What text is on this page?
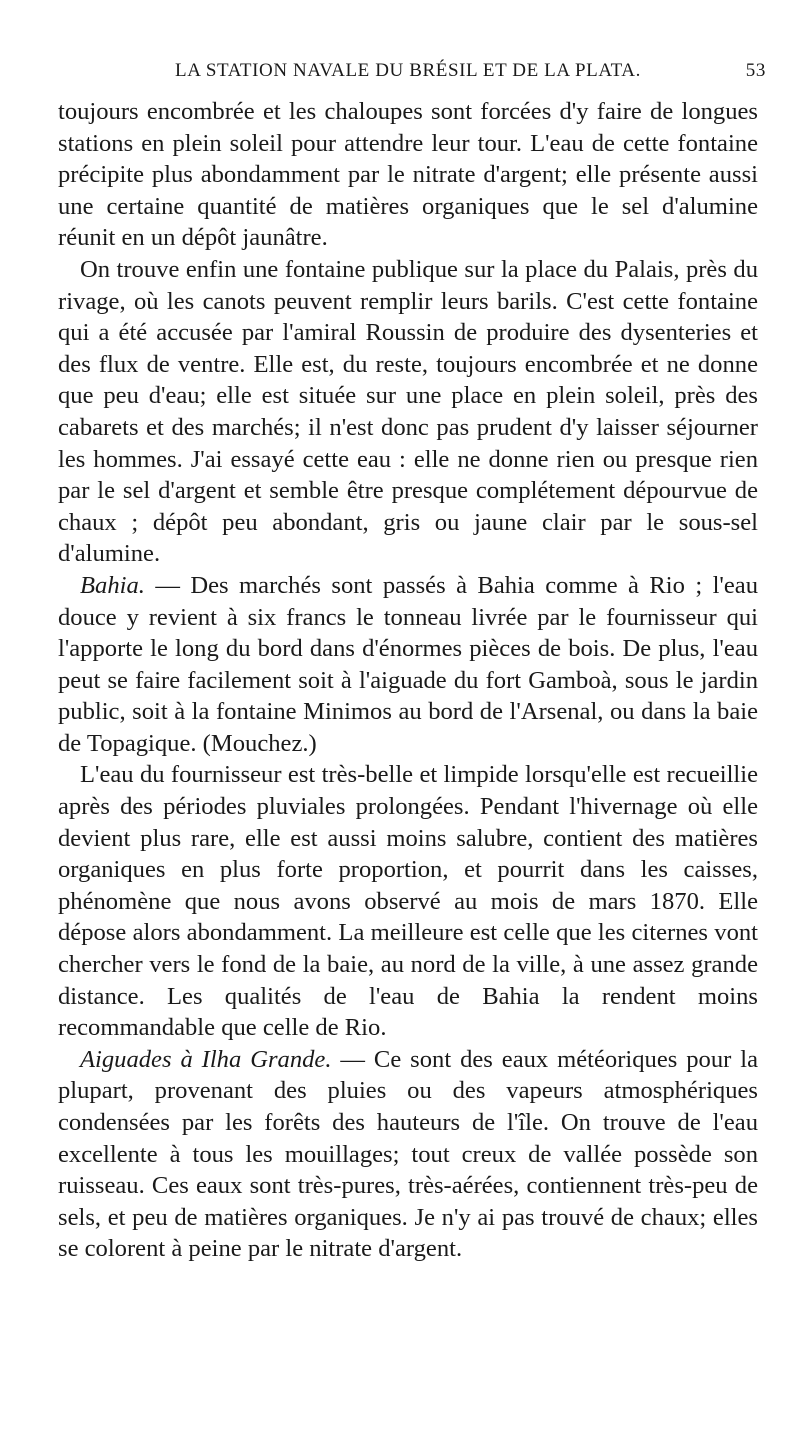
LA STATION NAVALE DU BRÉSIL ET DE LA PLATA.	53

toujours encombrée et les chaloupes sont forcées d'y faire de longues stations en plein soleil pour attendre leur tour. L'eau de cette fontaine précipite plus abondamment par le nitrate d'argent; elle présente aussi une certaine quantité de matières organiques que le sel d'alumine réunit en un dépôt jaunâtre.

On trouve enfin une fontaine publique sur la place du Palais, près du rivage, où les canots peuvent remplir leurs barils. C'est cette fontaine qui a été accusée par l'amiral Roussin de produire des dysenteries et des flux de ventre. Elle est, du reste, toujours encombrée et ne donne que peu d'eau; elle est située sur une place en plein soleil, près des cabarets et des marchés; il n'est donc pas prudent d'y laisser séjourner les hommes. J'ai essayé cette eau : elle ne donne rien ou presque rien par le sel d'argent et semble être presque complétement dépourvue de chaux ; dépôt peu abondant, gris ou jaune clair par le sous-sel d'alumine.

Bahia. — Des marchés sont passés à Bahia comme à Rio ; l'eau douce y revient à six francs le tonneau livrée par le fournisseur qui l'apporte le long du bord dans d'énormes pièces de bois. De plus, l'eau peut se faire facilement soit à l'aiguade du fort Gamboà, sous le jardin public, soit à la fontaine Minimos au bord de l'Arsenal, ou dans la baie de Topagique. (Mouchez.)

L'eau du fournisseur est très-belle et limpide lorsqu'elle est recueillie après des périodes pluviales prolongées. Pendant l'hivernage où elle devient plus rare, elle est aussi moins salubre, contient des matières organiques en plus forte proportion, et pourrit dans les caisses, phénomène que nous avons observé au mois de mars 1870. Elle dépose alors abondamment. La meilleure est celle que les citernes vont chercher vers le fond de la baie, au nord de la ville, à une assez grande distance. Les qualités de l'eau de Bahia la rendent moins recommandable que celle de Rio.

Aiguades à Ilha Grande. — Ce sont des eaux météoriques pour la plupart, provenant des pluies ou des vapeurs atmosphériques condensées par les forêts des hauteurs de l'île. On trouve de l'eau excellente à tous les mouillages; tout creux de vallée possède son ruisseau. Ces eaux sont très-pures, très-aérées, contiennent très-peu de sels, et peu de matières organiques. Je n'y ai pas trouvé de chaux; elles se colorent à peine par le nitrate d'argent.
